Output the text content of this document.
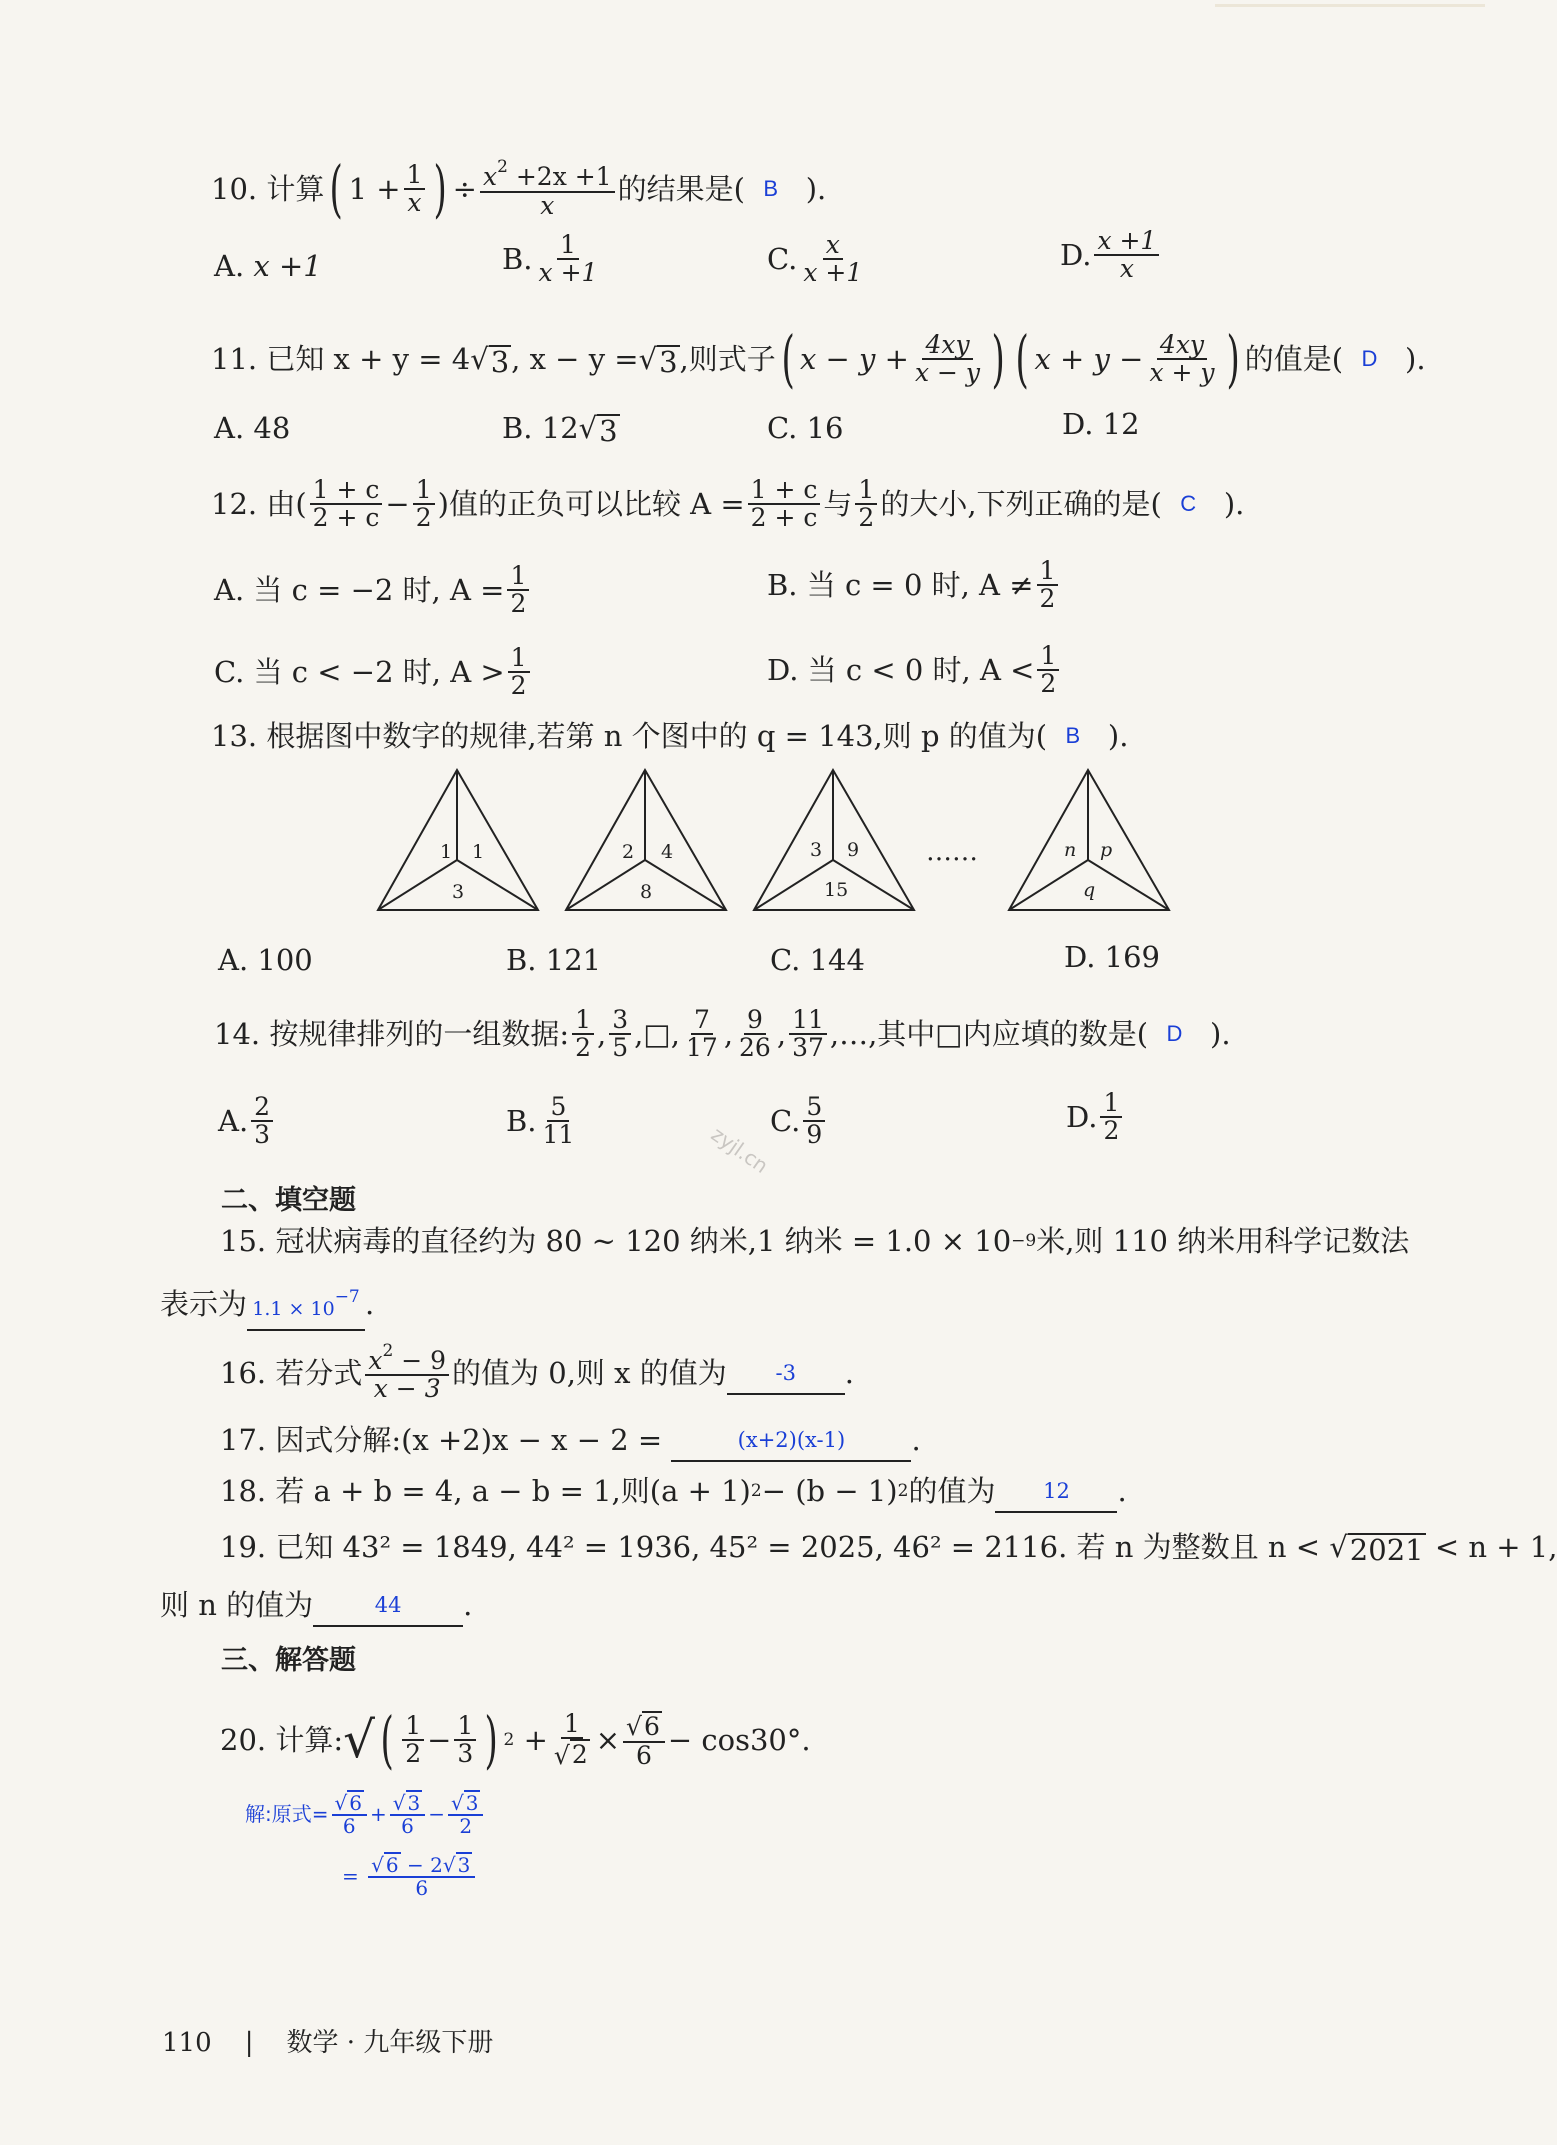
10.
计算 ( $1 + \frac{1}{x}$ ) ÷ $\frac{x^2 +2x +1}{x}$ 的结果是(
B
).
A.
x +1	B. $\frac{1}{x +1}$	C. $\frac{x}{x +1}$	D. $\frac{x +1}{x}$
11.
已知 x + y = 4 √ 3 , x − y = √ 3 ,则式子 ( $x - y + \frac{4xy}{x - y}$ ) ( $x + y - \frac{4xy}{x + y}$ ) 的值是(
D
).
A.
48	B.
12 √ 3	C.
16	D.
12
12.
由( $\frac{1 + c}{2 + c} - \frac{1}{2}$ )值的正负可以比较 $A = \frac{1 + c}{2 + c}$ 与 $\frac{1}{2}$ 的大小,下列正确的是(
C
).
A.
当 c = −2 时, $A = \frac{1}{2}$	B.
当 c = 0 时, $A \ne \frac{1}{2}$
C.
当 c < −2 时, $A > \frac{1}{2}$	D.
当 c < 0 时, $A < \frac{1}{2}$
13.
根据图中数字的规律,若第 n 个图中的 q = 143,则 p 的值为(
B
).
1 1
3
2 4
8
3 9
15
n p
q
……
A.
100	B.
121	C.
144	D.
169
14.
按规律排列的一组数据: $\frac{1}{2}$ , $\frac{3}{5}$ , □ , $\frac{7}{17}$ , $\frac{9}{26}$ , $\frac{11}{37}$ ,…,其中□内应填的数是(
D
).
A. $\frac{2}{3}$	B. $\frac{5}{11}$	C. $\frac{5}{9}$	D. $\frac{1}{2}$
zyjl.cn
二、填空题
15. 冠状病毒的直径约为 80 ~ 120 纳米,1 纳米 = 1.0 × 10 −9 米,则 110 纳米用科学记数法
表示为 1.1 × 10−7 .
16. 若分式 $\frac{x^2 - 9}{x - 3}$ 的值为 0,则 x 的值为	-3	.
17. 因式分解:(x +2)x − x − 2 =
	(x+2)(x-1)	.
18. 若 a + b = 4, a − b = 1,则(a + 1) 2 − (b − 1) 2 的值为	12	.
19. 已知 43² = 1849, 44² = 1936, 45² = 2025, 46² = 2116. 若 n 为整数且 n <
√ 2021
< n + 1,
则 n 的值为	44	.
三、解答题
20. 计算: √ ( $\frac{1}{2} - \frac{1}{3}$ ) 2
+ $\frac{1}{√ 2} \times \frac{√ 6}{6} - \cos 30^\circ$.
解:原式= $\frac{√ 6}{6} + \frac{√ 3}{6} - \frac{√ 3}{2}$
=
$\frac{√ 6 - 2√ 3}{6}$
110 | 数学 · 九年级下册
